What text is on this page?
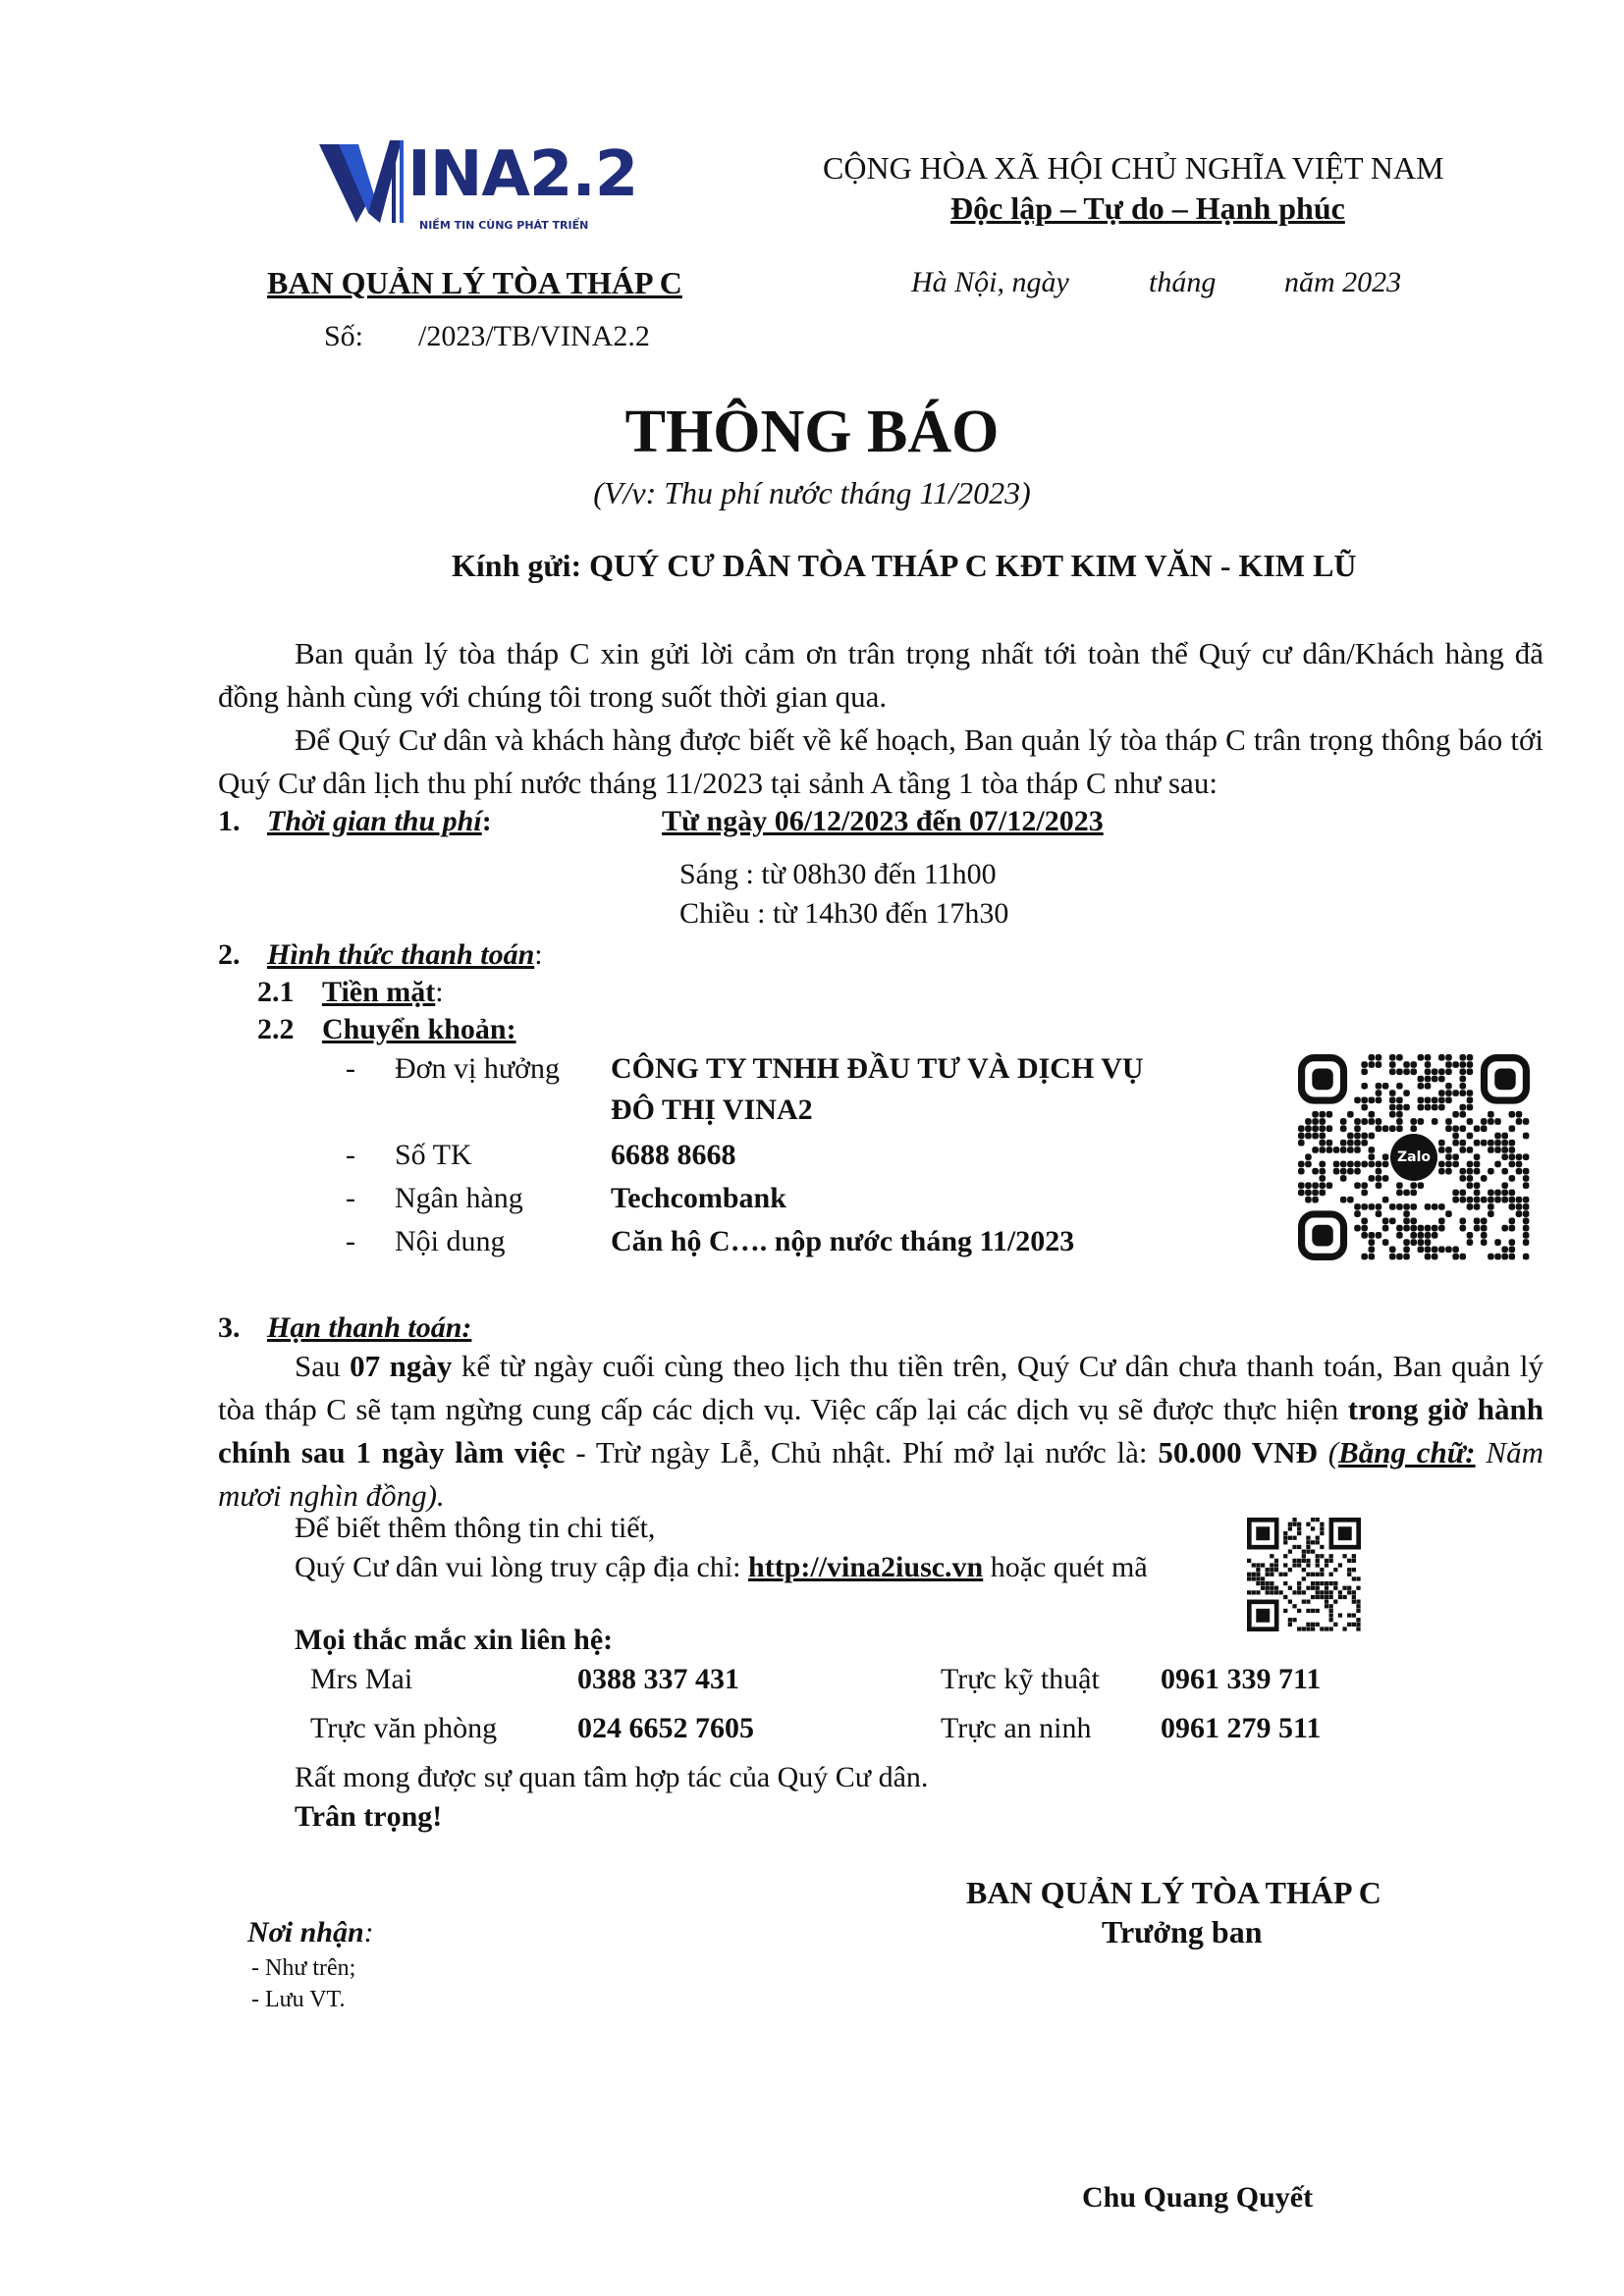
INA2.2
NIỀM TIN CÙNG PHÁT TRIỂN
BAN QUẢN LÝ TÒA THÁP C
Số: /2023/TB/VINA2.2
CỘNG HÒA XÃ HỘI CHỦ NGHĨA VIỆT NAM
Độc lập – Tự do – Hạnh phúc
Hà Nội, ngày	tháng năm 2023
THÔNG BÁO
(V/v: Thu phí nước tháng 11/2023)
Kính gửi: QUÝ CƯ DÂN TÒA THÁP C KĐT KIM VĂN - KIM LŨ

Ban quản lý tòa tháp C xin gửi lời cảm ơn trân trọng nhất tới toàn thể Quý cư dân/Khách hàng đã đồng hành cùng với chúng tôi trong suốt thời gian qua.

Để Quý Cư dân và khách hàng được biết về kế hoạch, Ban quản lý tòa tháp C trân trọng thông báo tới Quý Cư dân lịch thu phí nước tháng 11/2023 tại sảnh A tầng 1 tòa tháp C như sau:

1. Thời gian thu phí:	Từ ngày 06/12/2023 đến 07/12/2023
Sáng : từ 08h30 đến 11h00
Chiều : từ 14h30 đến 17h30
2. Hình thức thanh toán:
2.1 Tiền mặt:
2.2 Chuyển khoản:
- Đơn vị hưởng CÔNG TY TNHH ĐẦU TƯ VÀ DỊCH VỤ
ĐÔ THỊ VINA2
- Số TK	6688 8668
- Ngân hàng	Techcombank
- Nội dung	Căn hộ C…. nộp nước tháng 11/2023
Zalo
3. Hạn thanh toán:

Sau 07 ngày kể từ ngày cuối cùng theo lịch thu tiền trên, Quý Cư dân chưa thanh toán, Ban quản lý tòa tháp C sẽ tạm ngừng cung cấp các dịch vụ. Việc cấp lại các dịch vụ sẽ được thực hiện trong giờ hành chính sau 1 ngày làm việc - Trừ ngày Lễ, Chủ nhật. Phí mở lại nước là: 50.000 VNĐ (Bằng chữ: Năm mươi nghìn đồng).

Để biết thêm thông tin chi tiết,
Quý Cư dân vui lòng truy cập địa chỉ: http://vina2iusc.vn hoặc quét mã
Mọi thắc mắc xin liên hệ:
Mrs Mai	0388 337 431	Trực kỹ thuật 0961 339 711
Trực văn phòng	024 6652 7605	Trực an ninh 0961 279 511
Rất mong được sự quan tâm hợp tác của Quý Cư dân.
Trân trọng!
BAN QUẢN LÝ TÒA THÁP C
Trưởng ban
Chu Quang Quyết
Nơi nhận:
- Như trên;
- Lưu VT.
